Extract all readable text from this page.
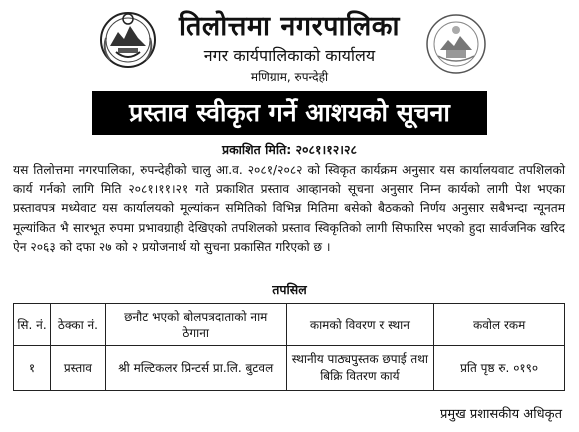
तिलोत्तमा नगरपालिका
नगर कार्यपालिकाको कार्यालय
मणिग्राम, रुपन्देही
प्रस्ताव स्वीकृत गर्ने आशयको सूचना
प्रकाशित मिति: २०८१।१२।२८

यस तिलोत्तमा नगरपालिका, रुपन्देहीको चालु आ.व. २०८१/२०८२ को स्विकृत कार्यक्रम अनुसार यस कार्यालयवाट तपशिलको कार्य गर्नको लागि मिति २०८१।११।२१ गते प्रकाशित प्रस्ताव आव्हानको सूचना अनुसार निम्न कार्यको लागी पेश भएका प्रस्तावपत्र मध्येवाट यस कार्यालयको मूल्यांकन समितिको विभिन्न मितिमा बसेको बैठकको निर्णय अनुसार सबैभन्दा न्यूनतम मूल्यांकित भै सारभूत रुपमा प्रभावग्राही देखिएको तपशिलको प्रस्ताव स्विकृतिको लागी सिफारिस भएको हुदा सार्वजनिक खरिद ऐन २०६३ को दफा २७ को २ प्रयोजनार्थ यो सुचना प्रकासित गरिएको छ ।

तपसिल
सि. नं.	ठेक्का नं.	छनौट भएको बोलपत्रदाताको नाम ठेगाना	कामको विवरण र स्थान	कवोल रकम
१	प्रस्ताव	श्री मल्टिकलर प्रिन्टर्स प्रा.लि. बुटवल	स्थानीय पाठ्यपुस्तक छपाई तथा बिक्रि वितरण कार्य	प्रति पृष्ठ रु. ०१९०
प्रमुख प्रशासकीय अधिकृत
